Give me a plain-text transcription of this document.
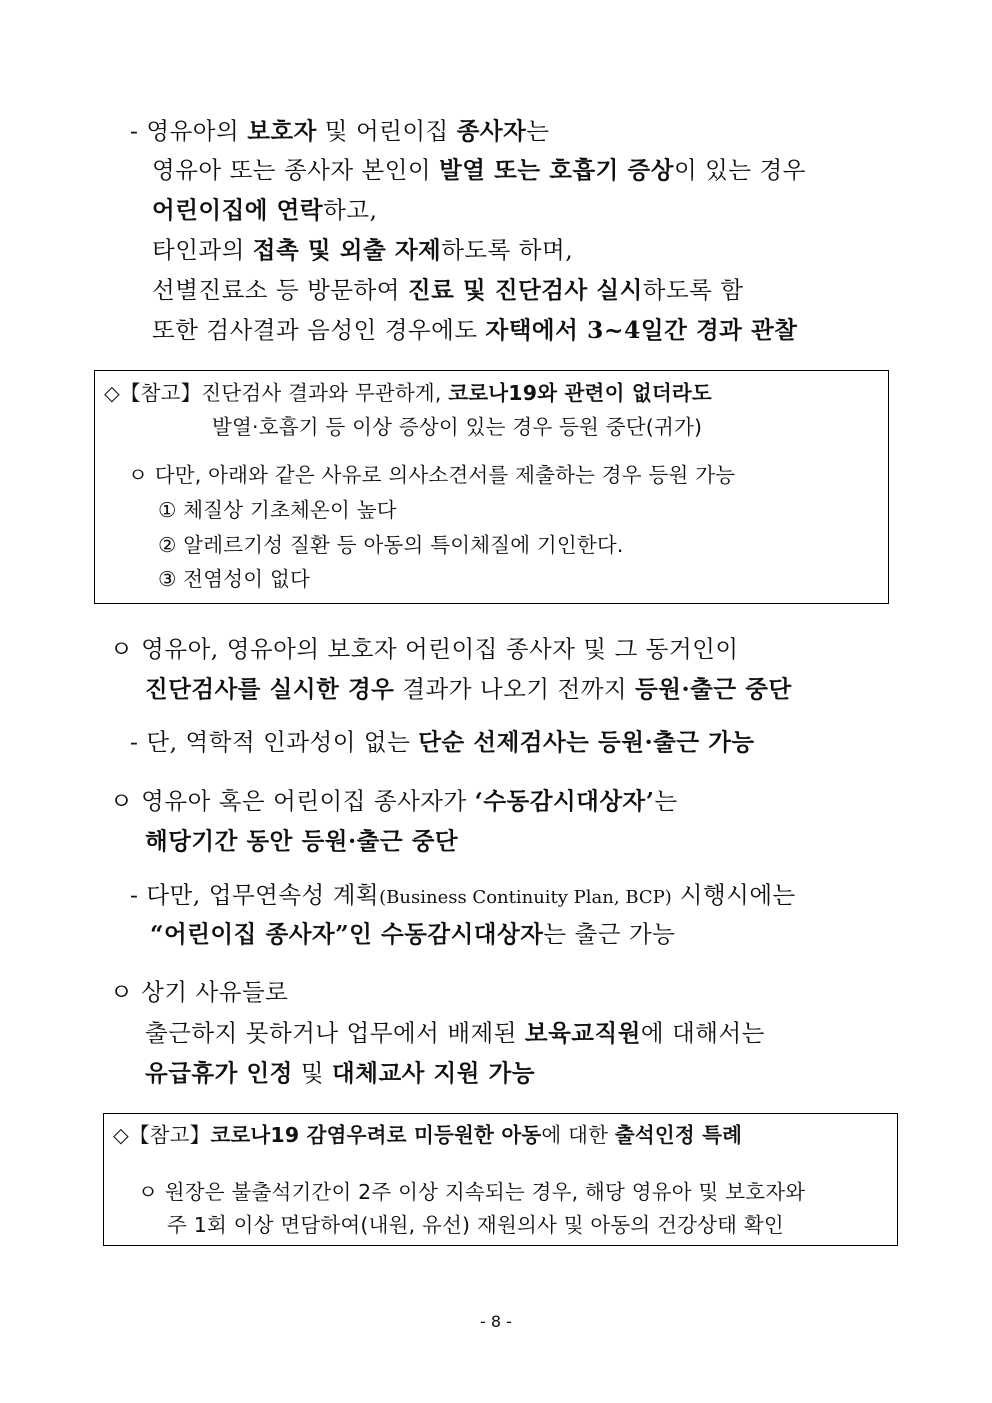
- 영유아의 보호자 및 어린이집 종사자는
영유아 또는 종사자 본인이 발열 또는 호흡기 증상이 있는 경우
어린이집에 연락하고,
타인과의 접촉 및 외출 자제하도록 하며,
선별진료소 등 방문하여 진료 및 진단검사 실시하도록 함
또한 검사결과 음성인 경우에도 자택에서 3~4일간 경과 관찰
◇【참고】진단검사 결과와 무관하게, 코로나19와 관련이 없더라도
발열·호흡기 등 이상 증상이 있는 경우 등원 중단(귀가)
ㅇ 다만, 아래와 같은 사유로 의사소견서를 제출하는 경우 등원 가능
① 체질상 기초체온이 높다
② 알레르기성 질환 등 아동의 특이체질에 기인한다.
③ 전염성이 없다
ㅇ 영유아, 영유아의 보호자 어린이집 종사자 및 그 동거인이
진단검사를 실시한 경우 결과가 나오기 전까지 등원·출근 중단
- 단, 역학적 인과성이 없는 단순 선제검사는 등원·출근 가능
ㅇ 영유아 혹은 어린이집 종사자가 ‘수동감시대상자’는
해당기간 동안 등원·출근 중단
- 다만, 업무연속성 계획(Business Continuity Plan, BCP) 시행시에는
“어린이집 종사자”인 수동감시대상자는 출근 가능
ㅇ 상기 사유들로
출근하지 못하거나 업무에서 배제된 보육교직원에 대해서는
유급휴가 인정 및 대체교사 지원 가능
◇【참고】코로나19 감염우려로 미등원한 아동에 대한 출석인정 특례
ㅇ 원장은 불출석기간이 2주 이상 지속되는 경우, 해당 영유아 및 보호자와
주 1회 이상 면담하여(내원, 유선) 재원의사 및 아동의 건강상태 확인
- 8 -
